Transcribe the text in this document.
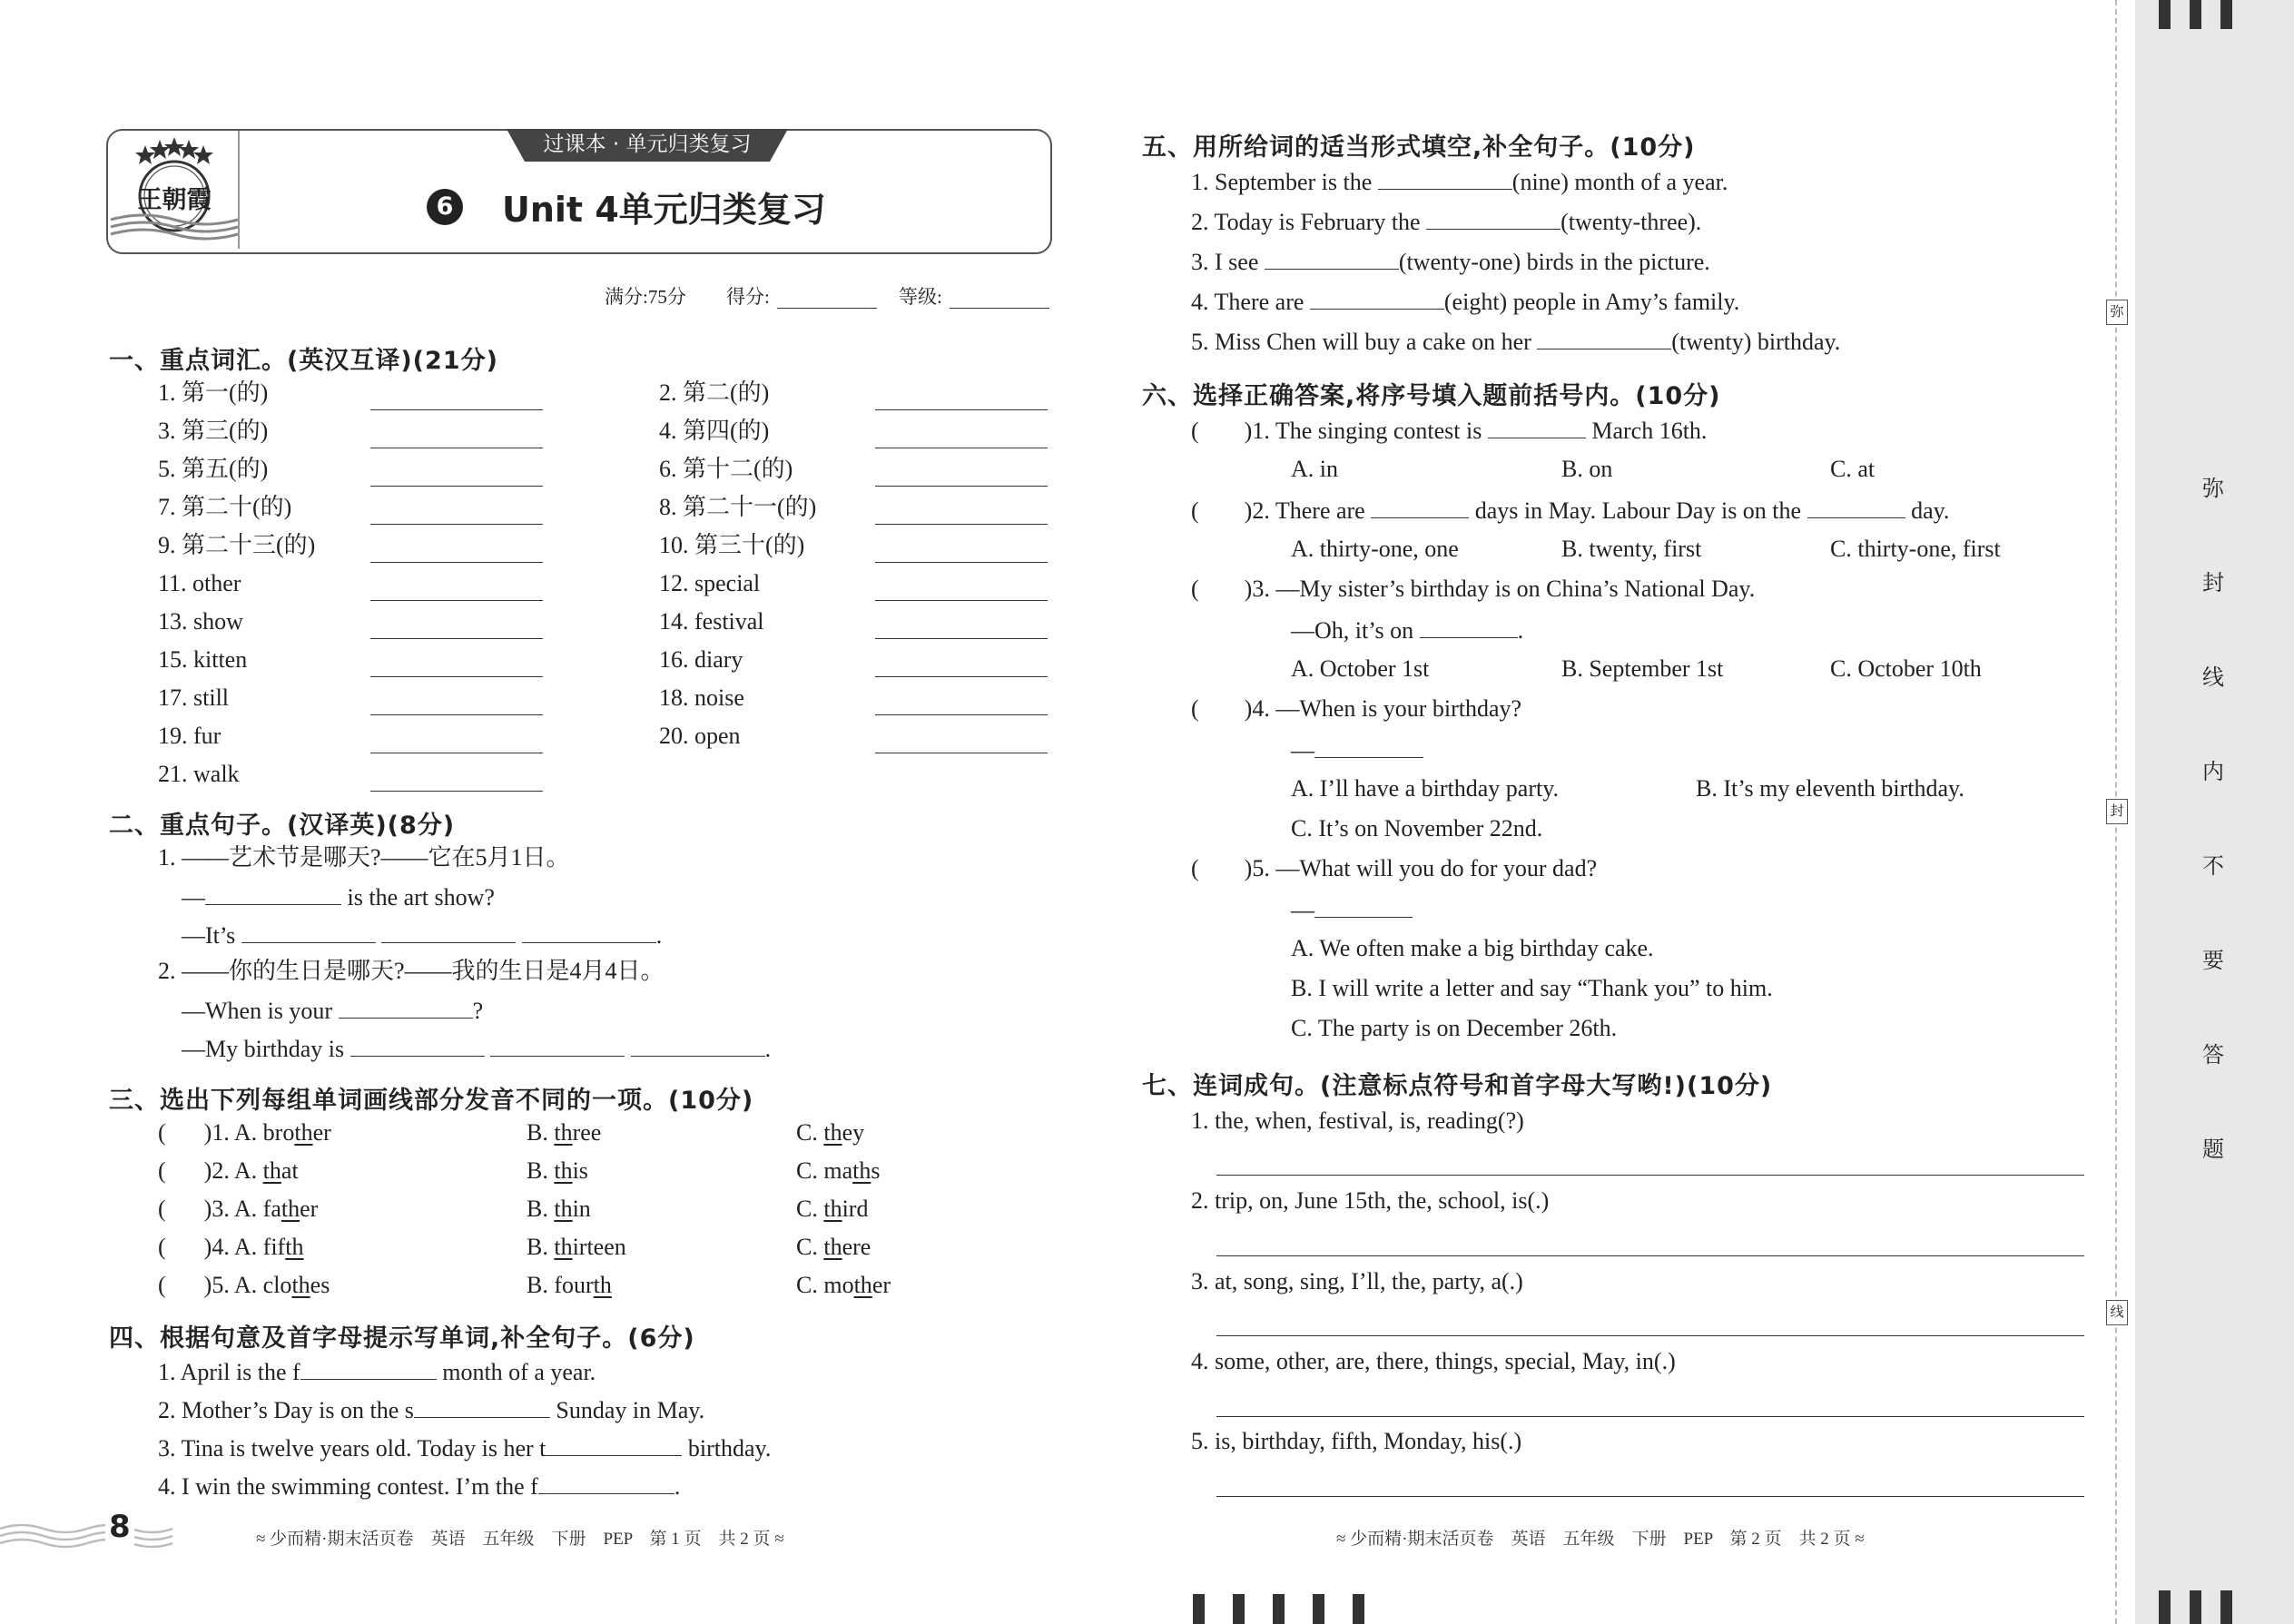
王朝霞
过课本 · 单元归类复习
6 Unit 4单元归类复习
满分:75分 得分:	等级:
一、重点词汇。(英汉互译)(21分)
1. 第一(的)	2. 第二(的)
3. 第三(的)	4. 第四(的)
5. 第五(的)	6. 第十二(的)
7. 第二十(的)	8. 第二十一(的)
9. 第二十三(的)	10. 第三十(的)
11. other	12. special
13. show	14. festival
15. kitten	16. diary
17. still	18. noise
19. fur	20. open
21. walk
二、重点句子。(汉译英)(8分)
1. ——艺术节是哪天?——它在5月1日。
—	is the art show?
—It’s	.
2. ——你的生日是哪天?——我的生日是4月4日。
—When is your	?
—My birthday is	.
三、选出下列每组单词画线部分发音不同的一项。(10分)
( )1. A. brother	B. three	C. they
( )2. A. that	B. this	C. maths
( )3. A. father	B. thin	C. third
( )4. A. fifth	B. thirteen	C. there
( )5. A. clothes	B. fourth	C. mother
四、根据句意及首字母提示写单词,补全句子。(6分)
1. April is the f	month of a year.
2. Mother’s Day is on the s	Sunday in May.
3. Tina is twelve years old. Today is her t	birthday.
4. I win the swimming contest. I’m the f	.
五、用所给词的适当形式填空,补全句子。(10分)
1. September is the	(nine) month of a year.
2. Today is February the	(twenty-three).
3. I see	(twenty-one) birds in the picture.
4. There are	(eight) people in Amy’s family.
5. Miss Chen will buy a cake on her	(twenty) birthday.
六、选择正确答案,将序号填入题前括号内。(10分)
( )1. The singing contest is	March 16th.
A. in	B. on	C. at
( )2. There are	days in May. Labour Day is on the	day.
A. thirty-one, one	B. twenty, first	C. thirty-one, first
( )3. —My sister’s birthday is on China’s National Day.
—Oh, it’s on	.
A. October 1st	B. September 1st	C. October 10th
( )4. —When is your birthday?
—
A. I’ll have a birthday party.	B. It’s my eleventh birthday.
C. It’s on November 22nd.
( )5. —What will you do for your dad?
—
A. We often make a big birthday cake.
B. I will write a letter and say “Thank you” to him.
C. The party is on December 26th.
七、连词成句。(注意标点符号和首字母大写哟!)(10分)
1. the, when, festival, is, reading(?)
2. trip, on, June 15th, the, school, is(.)
3. at, song, sing, I’ll, the, party, a(.)
4. some, other, are, there, things, special, May, in(.)
5. is, birthday, fifth, Monday, his(.)
8	≈ 少而精·期末活页卷　英语　五年级　下册　PEP　第 1 页　共 2 页 ≈	≈ 少而精·期末活页卷　英语　五年级　下册　PEP　第 2 页　共 2 页 ≈
弥
封
线
弥
封
线
内
不
要
答
题
